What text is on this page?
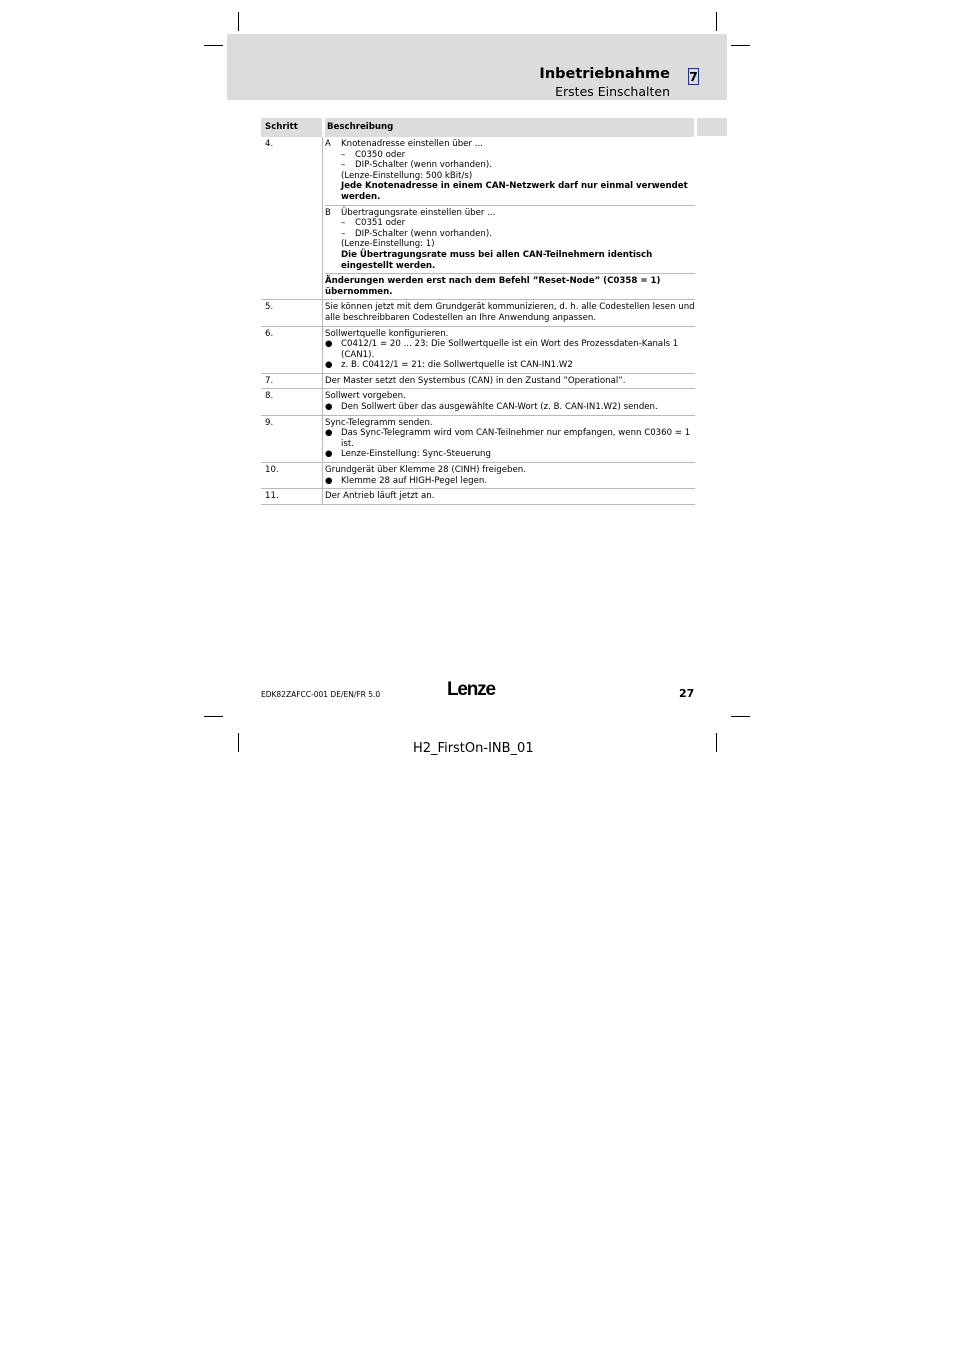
Inbetriebnahme
Erstes Einschalten
7
Schritt	Beschreibung
4.	A	Knotenadresse einstellen über ...
–	C0350 oder
–	DIP-Schalter (wenn vorhanden).
(Lenze-Einstellung: 500 kBit/s)
Jede Knotenadresse in einem CAN-Netzwerk darf nur einmal verwendet werden.
B	Übertragungsrate einstellen über ...
–	C0351 oder
–	DIP-Schalter (wenn vorhanden).
(Lenze-Einstellung: 1)
Die Übertragungsrate muss bei allen CAN-Teilnehmern identisch eingestellt werden.
Änderungen werden erst nach dem Befehl ”Reset-Node” (C0358 = 1) übernommen.
5.	Sie können jetzt mit dem Grundgerät kommunizieren, d. h. alle Codestellen lesen und alle beschreibbaren Codestellen an Ihre Anwendung anpassen.
6.	Sollwertquelle konfigurieren.
● C0412/1 = 20 ... 23: Die Sollwertquelle ist ein Wort des Prozessdaten-Kanals 1 (CAN1).
● z. B. C0412/1 = 21: die Sollwertquelle ist CAN-IN1.W2
7.	Der Master setzt den Systembus (CAN) in den Zustand ”Operational”.
8.	Sollwert vorgeben.
● Den Sollwert über das ausgewählte CAN-Wort (z. B. CAN-IN1.W2) senden.
9.	Sync-Telegramm senden.
● Das Sync-Telegramm wird vom CAN-Teilnehmer nur empfangen, wenn C0360 = 1 ist.
● Lenze-Einstellung: Sync-Steuerung
10.	Grundgerät über Klemme 28 (CINH) freigeben.
● Klemme 28 auf HIGH-Pegel legen.
11.	Der Antrieb läuft jetzt an.
EDK82ZAFCC-001 DE/EN/FR 5.0	Lenze	27
H2_FirstOn-INB_01
